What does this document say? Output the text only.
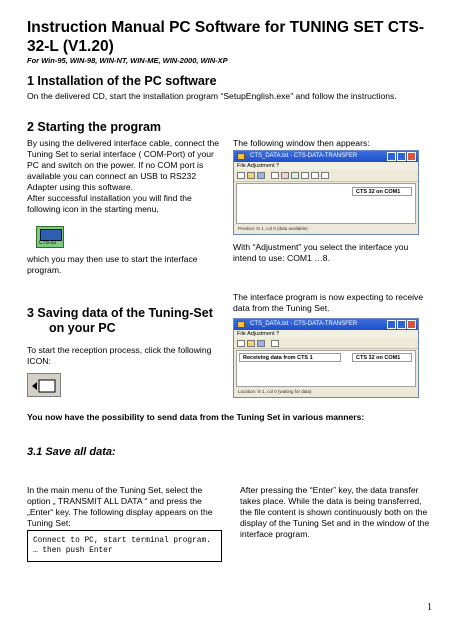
Instruction Manual PC Software for TUNING SET CTS-32-L (V1.20)
For Win-95, WIN-98, WIN-NT, WIN-ME, WIN-2000, WIN-XP
1 Installation of the PC software
On the delivered CD, start the installation program “SetupEnglish.exe” and follow the instructions.
2 Starting the program
By using the delivered interface cable, connect the Tuning Set to serial interface ( COM-Port) of your PC and switch on the power. If no COM port is available you can connect an USB to RS232 Adapter using this software.
After successful installation you will find the following icon in the starting menu,
CTS-32
which you may then use to start the interface program.
The following window then appears:
CTS_DATA.txt - CTS-DATA-TRANSFER
File Adjustment ?
CTS 32 on COM1
Position: ln 1, col 0 (data available)
With “Adjustment” you select the interface you intend to use: COM1 …8.
3 Saving data of the Tuning-Set
on your PC
To start the reception process, click the following ICON:
The interface program is now expecting to receive data from the Tuning Set.
CTS_DATA.txt - CTS-DATA-TRANSFER
File Adjustment ?
Receiving data from CTS 1	CTS 32 on COM1
Location: ln 1, col 0 (waiting for data)
You now have the possibility to send data from the Tuning Set in various manners:
3.1 Save all data:
In the main menu of the Tuning Set, select the option „ TRANSMIT ALL DATA “ and press the „Enter“ key. The following display appears on the Tuning Set:
After pressing the “Enter” key, the data transfer takes place. While the data is being transferred, the file content is shown continuously both on the display of the Tuning Set and in the window of the interface program.
Connect to PC, start terminal program.
… then push Enter
1
